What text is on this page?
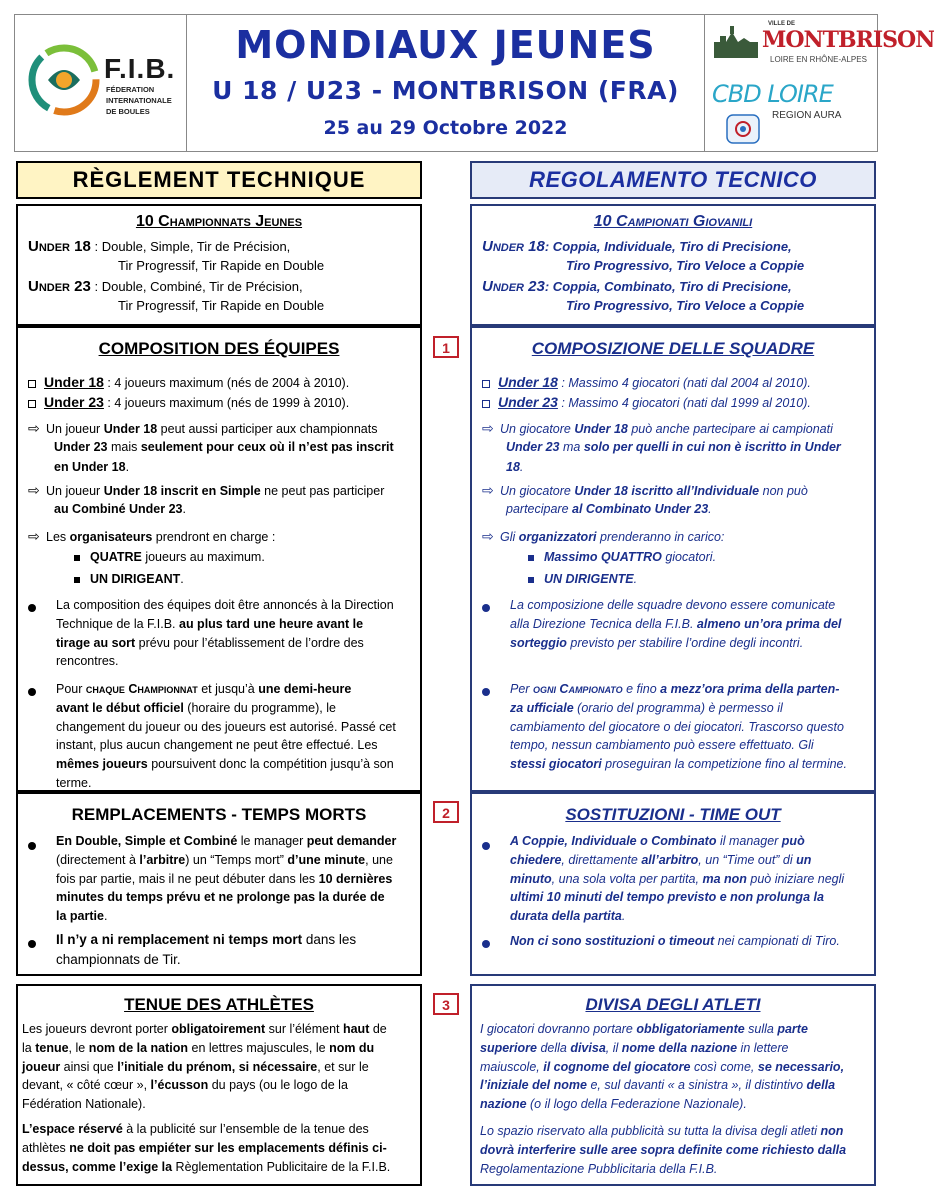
F.I.B.
FÉDERATION
INTERNATIONALE
DE BOULES
MONDIAUX JEUNES
U 18 / U23 - MONTBRISON (FRA)
25 au 29 Octobre 2022
VILLE DE
MONTBRISON
LOIRE EN RHÔNE-ALPES
CBD LOIRE
REGION AURA
RÈGLEMENT TECHNIQUE
10 Championnats Jeunes
Under 18 : Double, Simple, Tir de Précision,
Tir Progressif, Tir Rapide en Double
Under 23 : Double, Combiné, Tir de Précision,
Tir Progressif, Tir Rapide en Double
COMPOSITION DES ÉQUIPES
Under 18 : 4 joueurs maximum (nés de 2004 à 2010).
Under 23 : 4 joueurs maximum (nés de 1999 à 2010).
⇨ Un joueur Under 18 peut aussi participer aux championnats
Under 23 mais seulement pour ceux où il n’est pas inscrit
en Under 18.
⇨ Un joueur Under 18 inscrit en Simple ne peut pas participer
au Combiné Under 23.
⇨ Les organisateurs prendront en charge :
QUATRE joueurs au maximum.
UN DIRIGEANT.

La composition des équipes doit être annoncés à la Direction

Technique de la F.I.B. au plus tard une heure avant le

tirage au sort prévu pour l’établissement de l’ordre des

rencontres.

Pour chaque Championnat et jusqu’à une demi-heure

avant le début officiel (horaire du programme), le

changement du joueur ou des joueurs est autorisé. Passé cet

instant, plus aucun changement ne peut être effectué. Les

mêmes joueurs poursuivent donc la compétition jusqu’à son

terme.

REMPLACEMENTS - TEMPS MORTS

En Double, Simple et Combiné le manager peut demander

(directement à l’arbitre) un “Temps mort” d’une minute, une

fois par partie, mais il ne peut débuter dans les 10 dernières

minutes du temps prévu et ne prolonge pas la durée de

la partie.

Il n’y a ni remplacement ni temps mort dans les

championnats de Tir.

TENUE DES ATHLÈTES

Les joueurs devront porter obligatoirement sur l’élément haut de

la tenue, le nom de la nation en lettres majuscules, le nom du

joueur ainsi que l’initiale du prénom, si nécessaire, et sur le

devant, « côté cœur », l’écusson du pays (ou le logo de la

Fédération Nationale).

L’espace réservé à la publicité sur l’ensemble de la tenue des

athlètes ne doit pas empiéter sur les emplacements définis ci-

dessus, comme l’exige la Règlementation Publicitaire de la F.I.B.

1
2
3
REGOLAMENTO TECNICO
10 Campionati Giovanili
Under 18: Coppia, Individuale, Tiro di Precisione,
Tiro Progressivo, Tiro Veloce a Coppie
Under 23: Coppia, Combinato, Tiro di Precisione,
Tiro Progressivo, Tiro Veloce a Coppie
COMPOSIZIONE DELLE SQUADRE
Under 18 : Massimo 4 giocatori (nati dal 2004 al 2010).
Under 23 : Massimo 4 giocatori (nati dal 1999 al 2010).
⇨ Un giocatore Under 18 può anche partecipare ai campionati
Under 23 ma solo per quelli in cui non è iscritto in Under
18.
⇨ Un giocatore Under 18 iscritto all’Individuale non può
partecipare al Combinato Under 23.
⇨ Gli organizzatori prenderanno in carico:
Massimo QUATTRO giocatori.
UN DIRIGENTE.

La composizione delle squadre devono essere comunicate

alla Direzione Tecnica della F.I.B. almeno un’ora prima del

sorteggio previsto per stabilire l’ordine degli incontri.

Per ogni Campionato e fino a mezz’ora prima della parten-

za ufficiale (orario del programma) è permesso il

cambiamento del giocatore o dei giocatori. Trascorso questo

tempo, nessun cambiamento può essere effettuato. Gli

stessi giocatori proseguiran la competizione fino al termine.

SOSTITUZIONI - TIME OUT

A Coppie, Individuale o Combinato il manager può

chiedere, direttamente all’arbitro, un “Time out” di un

minuto, una sola volta per partita, ma non può iniziare negli

ultimi 10 minuti del tempo previsto e non prolunga la

durata della partita.

Non ci sono sostituzioni o timeout nei campionati di Tiro.

DIVISA DEGLI ATLETI

I giocatori dovranno portare obbligatoriamente sulla parte

superiore della divisa, il nome della nazione in lettere

maiuscole, il cognome del giocatore così come, se necessario,

l’iniziale del nome e, sul davanti « a sinistra », il distintivo della

nazione (o il logo della Federazione Nazionale).

Lo spazio riservato alla pubblicità su tutta la divisa degli atleti non

dovrà interferire sulle aree sopra definite come richiesto dalla

Regolamentazione Pubblicitaria della F.I.B.
